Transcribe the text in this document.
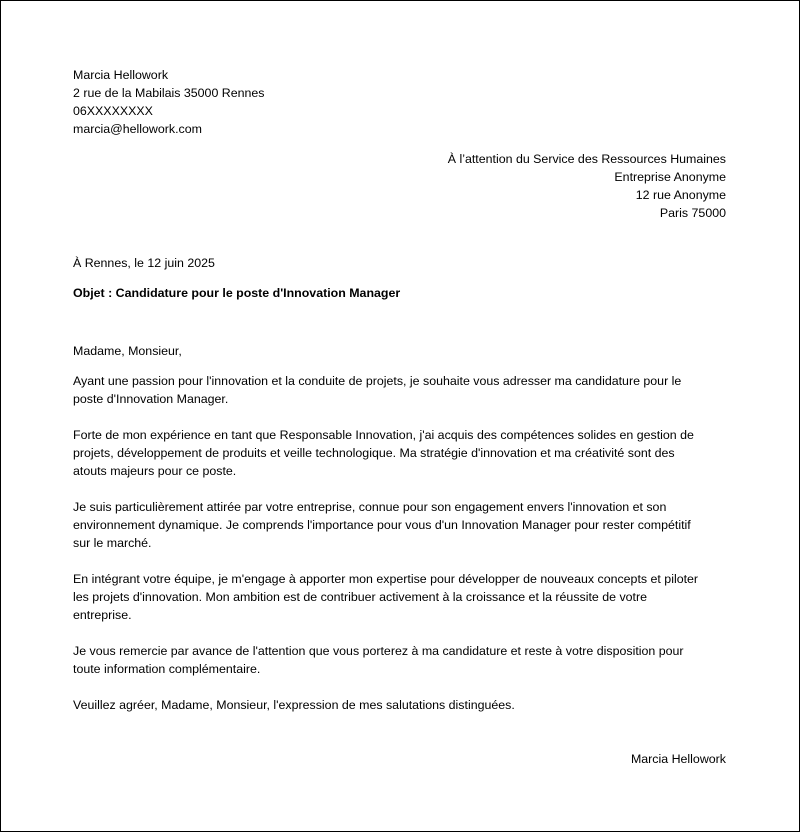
Marcia Hellowork
2 rue de la Mabilais 35000 Rennes
06XXXXXXXX
marcia@hellowork.com
À l’attention du Service des Ressources Humaines
Entreprise Anonyme
12 rue Anonyme
Paris 75000
À Rennes, le 12 juin 2025
Objet : Candidature pour le poste d'Innovation Manager
Madame, Monsieur,
Ayant une passion pour l'innovation et la conduite de projets, je souhaite vous adresser ma candidature pour le
poste d'Innovation Manager.
Forte de mon expérience en tant que Responsable Innovation, j'ai acquis des compétences solides en gestion de
projets, développement de produits et veille technologique. Ma stratégie d'innovation et ma créativité sont des
atouts majeurs pour ce poste.
Je suis particulièrement attirée par votre entreprise, connue pour son engagement envers l'innovation et son
environnement dynamique. Je comprends l'importance pour vous d'un Innovation Manager pour rester compétitif
sur le marché.
En intégrant votre équipe, je m'engage à apporter mon expertise pour développer de nouveaux concepts et piloter
les projets d'innovation. Mon ambition est de contribuer activement à la croissance et la réussite de votre
entreprise.
Je vous remercie par avance de l'attention que vous porterez à ma candidature et reste à votre disposition pour
toute information complémentaire.
Veuillez agréer, Madame, Monsieur, l'expression de mes salutations distinguées.
Marcia Hellowork
